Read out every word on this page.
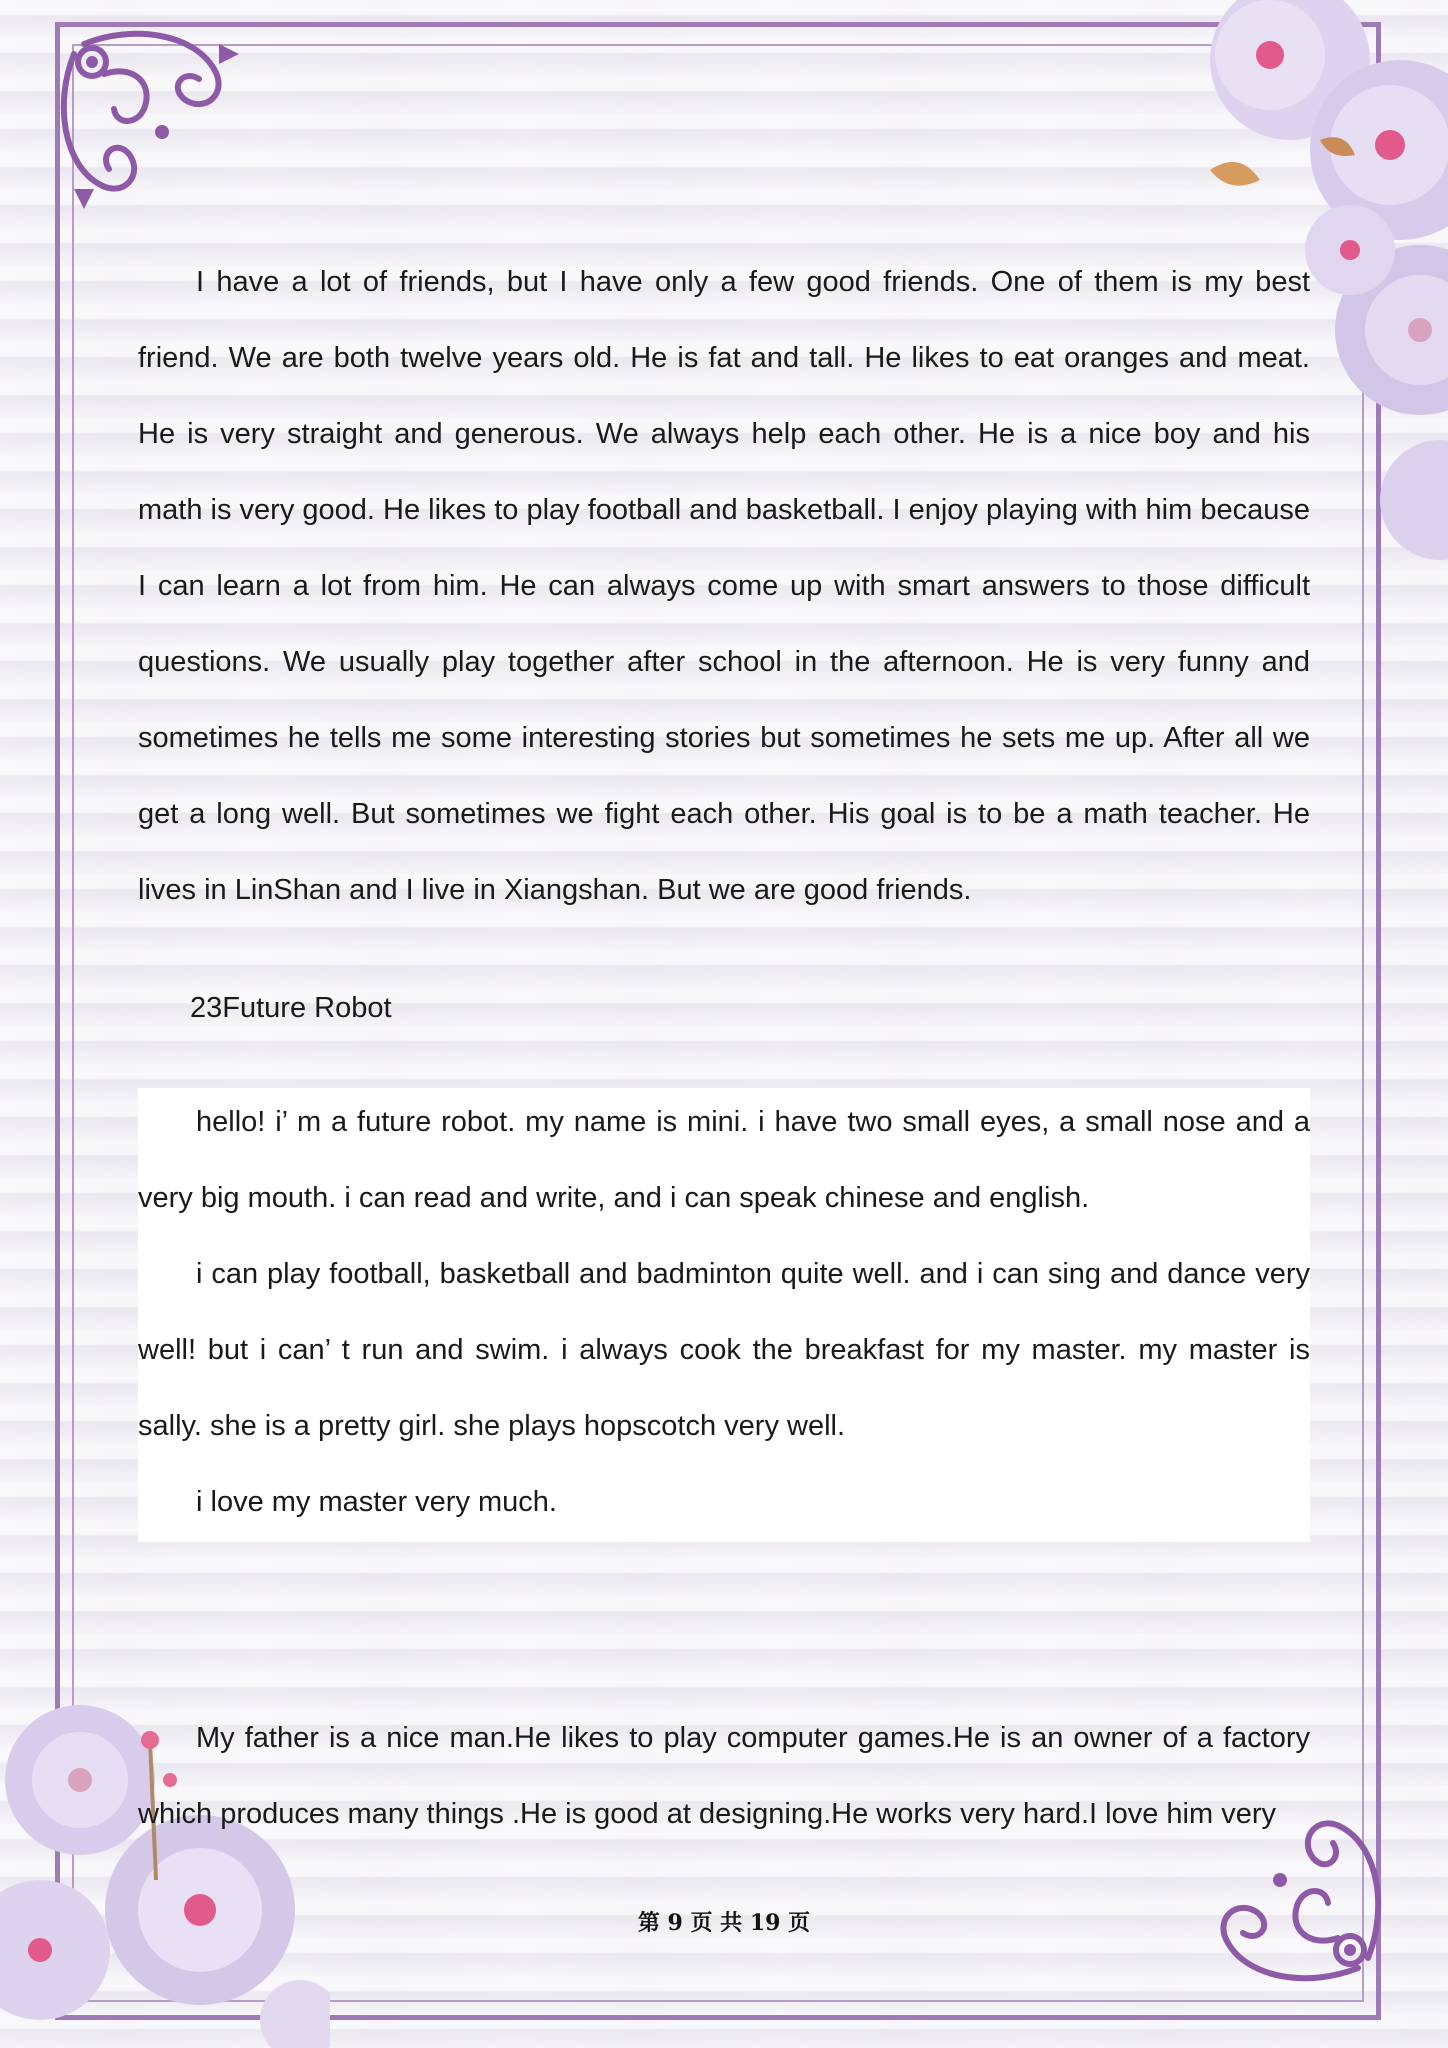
I have a lot of friends, but I have only a few good friends. One of them is my best friend. We are both twelve years old. He is fat and tall. He likes to eat oranges and meat. He is very straight and generous. We always help each other. He is a nice boy and his math is very good. He likes to play football and basketball. I enjoy playing with him because I can learn a lot from him. He can always come up with smart answers to those difficult questions. We usually play together after school in the afternoon. He is very funny and sometimes he tells me some interesting stories but sometimes he sets me up. After all we get a long well. But sometimes we fight each other. His goal is to be a math teacher. He lives in LinShan and I live in Xiangshan. But we are good friends.

23Future Robot

hello! i’ m a future robot. my name is mini. i have two small eyes, a small nose and a very big mouth. i can read and write, and i can speak chinese and english.

i can play football, basketball and badminton quite well. and i can sing and dance very well! but i can’ t run and swim. i always cook the breakfast for my master. my master is sally. she is a pretty girl. she plays hopscotch very well.

i love my master very much.

My father is a nice man.He likes to play computer games.He is an owner of a factory which produces many things .He is good at designing.He works very hard.I love him very

第 9 页 共 19 页
